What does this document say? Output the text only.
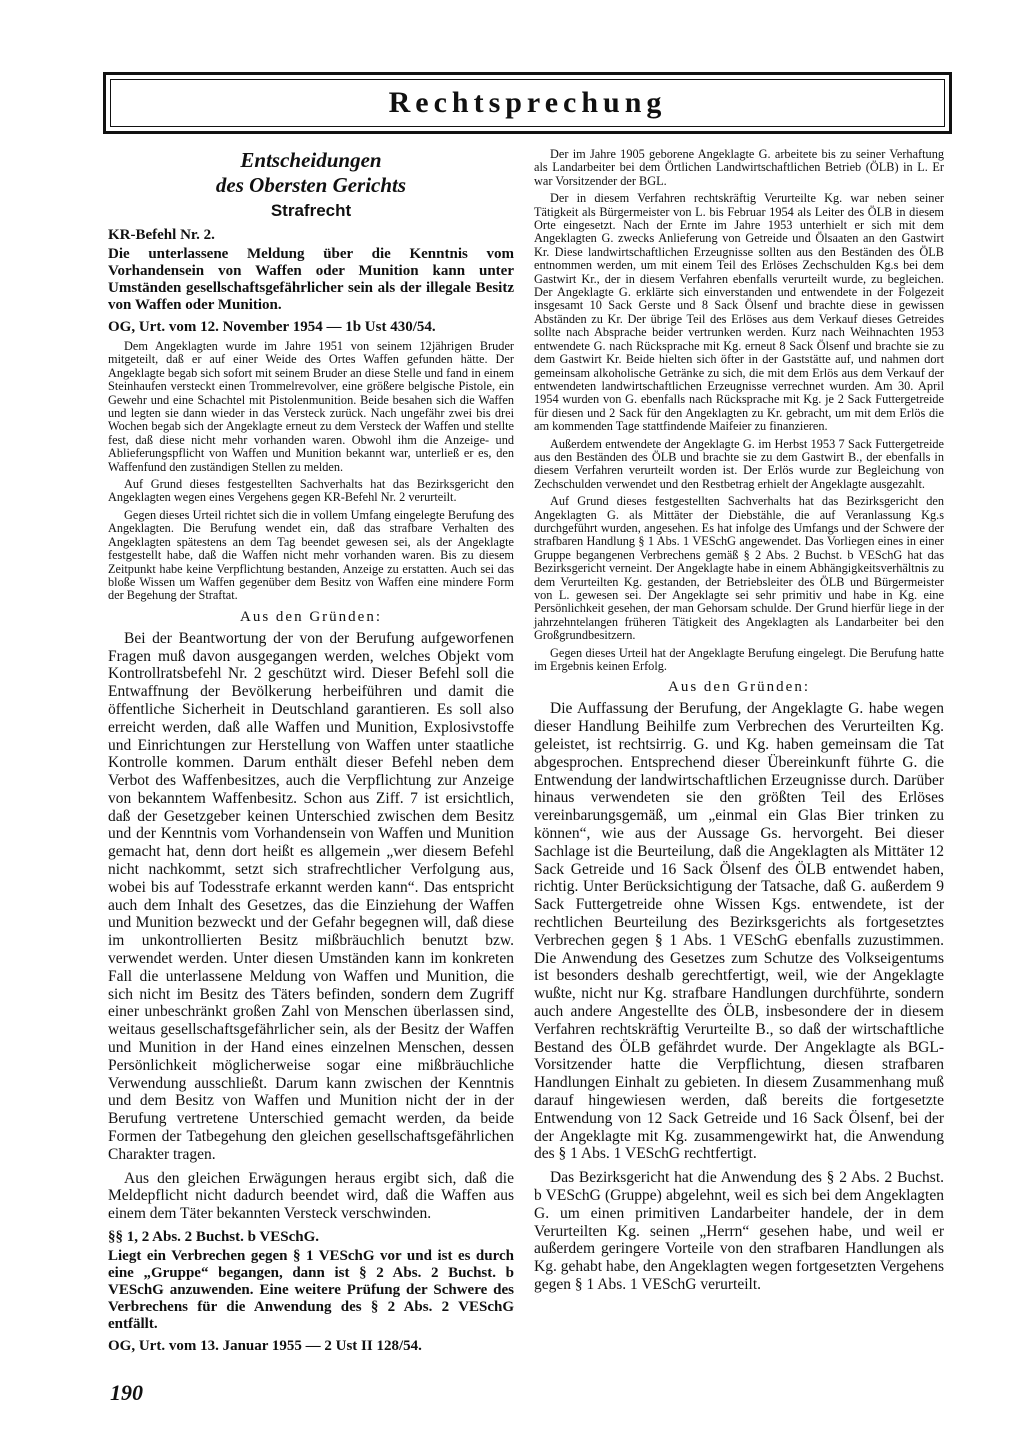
Rechtsprechung

Entscheidungen

des Obersten Gerichts

Strafrecht

KR-Befehl Nr. 2.

Die unterlassene Meldung über die Kenntnis vom Vorhandensein von Waffen oder Munition kann unter Umständen gesellschaftsgefährlicher sein als der illegale Besitz von Waffen oder Munition.

OG, Urt. vom 12. November 1954 — 1b Ust 430/54.

Dem Angeklagten wurde im Jahre 1951 von seinem 12jährigen Bruder mitgeteilt, daß er auf einer Weide des Ortes Waffen gefunden hätte. Der Angeklagte begab sich sofort mit seinem Bruder an diese Stelle und fand in einem Steinhaufen versteckt einen Trommelrevolver, eine größere belgische Pistole, ein Gewehr und eine Schachtel mit Pistolenmunition. Beide besahen sich die Waffen und legten sie dann wieder in das Versteck zurück. Nach ungefähr zwei bis drei Wochen begab sich der Angeklagte erneut zu dem Versteck der Waffen und stellte fest, daß diese nicht mehr vorhanden waren. Obwohl ihm die Anzeige- und Ablieferungspflicht von Waffen und Munition bekannt war, unterließ er es, den Waffenfund den zuständigen Stellen zu melden.

Auf Grund dieses festgestellten Sachverhalts hat das Bezirksgericht den Angeklagten wegen eines Vergehens gegen KR-Befehl Nr. 2 verurteilt.

Gegen dieses Urteil richtet sich die in vollem Umfang eingelegte Berufung des Angeklagten. Die Berufung wendet ein, daß das strafbare Verhalten des Angeklagten spätestens an dem Tag beendet gewesen sei, als der Angeklagte festgestellt habe, daß die Waffen nicht mehr vorhanden waren. Bis zu diesem Zeitpunkt habe keine Verpflichtung bestanden, Anzeige zu erstatten. Auch sei das bloße Wissen um Waffen gegenüber dem Besitz von Waffen eine mindere Form der Begehung der Straftat.

Aus den Gründen:

Bei der Beantwortung der von der Berufung aufgeworfenen Fragen muß davon ausgegangen werden, welches Objekt vom Kontrollratsbefehl Nr. 2 geschützt wird. Dieser Befehl soll die Entwaffnung der Bevölkerung herbeiführen und damit die öffentliche Sicherheit in Deutschland garantieren. Es soll also erreicht werden, daß alle Waffen und Munition, Explosivstoffe und Einrichtungen zur Herstellung von Waffen unter staatliche Kontrolle kommen. Darum enthält dieser Befehl neben dem Verbot des Waffenbesitzes, auch die Verpflichtung zur Anzeige von bekanntem Waffenbesitz. Schon aus Ziff. 7 ist ersichtlich, daß der Gesetzgeber keinen Unterschied zwischen dem Besitz und der Kenntnis vom Vorhandensein von Waffen und Munition gemacht hat, denn dort heißt es allgemein „wer diesem Befehl nicht nachkommt, setzt sich strafrechtlicher Verfolgung aus, wobei bis auf Todesstrafe erkannt werden kann“. Das entspricht auch dem Inhalt des Gesetzes, das die Einziehung der Waffen und Munition bezweckt und der Gefahr begegnen will, daß diese im unkontrollierten Besitz mißbräuchlich benutzt bzw. verwendet werden. Unter diesen Umständen kann im konkreten Fall die unterlassene Meldung von Waffen und Munition, die sich nicht im Besitz des Täters befinden, sondern dem Zugriff einer unbeschränkt großen Zahl von Menschen überlassen sind, weitaus gesellschaftsgefährlicher sein, als der Besitz der Waffen und Munition in der Hand eines einzelnen Menschen, dessen Persönlichkeit möglicherweise sogar eine mißbräuchliche Verwendung ausschließt. Darum kann zwischen der Kenntnis und dem Besitz von Waffen und Munition nicht der in der Berufung vertretene Unterschied gemacht werden, da beide Formen der Tatbegehung den gleichen gesellschaftsgefährlichen Charakter tragen.

Aus den gleichen Erwägungen heraus ergibt sich, daß die Meldepflicht nicht dadurch beendet wird, daß die Waffen aus einem dem Täter bekannten Versteck verschwinden.

§§ 1, 2 Abs. 2 Buchst. b VESchG.

Liegt ein Verbrechen gegen § 1 VESchG vor und ist es durch eine „Gruppe“ begangen, dann ist § 2 Abs. 2 Buchst. b VESchG anzuwenden. Eine weitere Prüfung der Schwere des Verbrechens für die Anwendung des § 2 Abs. 2 VESchG entfällt.

OG, Urt. vom 13. Januar 1955 — 2 Ust II 128/54.

Der im Jahre 1905 geborene Angeklagte G. arbeitete bis zu seiner Verhaftung als Landarbeiter bei dem Örtlichen Landwirtschaftlichen Betrieb (ÖLB) in L. Er war Vorsitzender der BGL.

Der in diesem Verfahren rechtskräftig Verurteilte Kg. war neben seiner Tätigkeit als Bürgermeister von L. bis Februar 1954 als Leiter des ÖLB in diesem Orte eingesetzt. Nach der Ernte im Jahre 1953 unterhielt er sich mit dem Angeklagten G. zwecks Anlieferung von Getreide und Ölsaaten an den Gastwirt Kr. Diese landwirtschaftlichen Erzeugnisse sollten aus den Beständen des ÖLB entnommen werden, um mit einem Teil des Erlöses Zechschulden Kg.s bei dem Gastwirt Kr., der in diesem Verfahren ebenfalls verurteilt wurde, zu begleichen. Der Angeklagte G. erklärte sich einverstanden und entwendete in der Folgezeit insgesamt 10 Sack Gerste und 8 Sack Ölsenf und brachte diese in gewissen Abständen zu Kr. Der übrige Teil des Erlöses aus dem Verkauf dieses Getreides sollte nach Absprache beider vertrunken werden. Kurz nach Weihnachten 1953 entwendete G. nach Rücksprache mit Kg. erneut 8 Sack Ölsenf und brachte sie zu dem Gastwirt Kr. Beide hielten sich öfter in der Gaststätte auf, und nahmen dort gemeinsam alkoholische Getränke zu sich, die mit dem Erlös aus dem Verkauf der entwendeten landwirtschaftlichen Erzeugnisse verrechnet wurden. Am 30. April 1954 wurden von G. ebenfalls nach Rücksprache mit Kg. je 2 Sack Futtergetreide für diesen und 2 Sack für den Angeklagten zu Kr. gebracht, um mit dem Erlös die am kommenden Tage stattfindende Maifeier zu finanzieren.

Außerdem entwendete der Angeklagte G. im Herbst 1953 7 Sack Futtergetreide aus den Beständen des ÖLB und brachte sie zu dem Gastwirt B., der ebenfalls in diesem Verfahren verurteilt worden ist. Der Erlös wurde zur Begleichung von Zechschulden verwendet und den Restbetrag erhielt der Angeklagte ausgezahlt.

Auf Grund dieses festgestellten Sachverhalts hat das Bezirksgericht den Angeklagten G. als Mittäter der Diebstähle, die auf Veranlassung Kg.s durchgeführt wurden, angesehen. Es hat infolge des Umfangs und der Schwere der strafbaren Handlung § 1 Abs. 1 VESchG angewendet. Das Vorliegen eines in einer Gruppe begangenen Verbrechens gemäß § 2 Abs. 2 Buchst. b VESchG hat das Bezirksgericht verneint. Der Angeklagte habe in einem Abhängigkeitsverhältnis zu dem Verurteilten Kg. gestanden, der Betriebsleiter des ÖLB und Bürgermeister von L. gewesen sei. Der Angeklagte sei sehr primitiv und habe in Kg. eine Persönlichkeit gesehen, der man Gehorsam schulde. Der Grund hierfür liege in der jahrzehntelangen früheren Tätigkeit des Angeklagten als Landarbeiter bei den Großgrundbesitzern.

Gegen dieses Urteil hat der Angeklagte Berufung eingelegt. Die Berufung hatte im Ergebnis keinen Erfolg.

Aus den Gründen:

Die Auffassung der Berufung, der Angeklagte G. habe wegen dieser Handlung Beihilfe zum Verbrechen des Verurteilten Kg. geleistet, ist rechtsirrig. G. und Kg. haben gemeinsam die Tat abgesprochen. Entsprechend dieser Übereinkunft führte G. die Entwendung der landwirtschaftlichen Erzeugnisse durch. Darüber hinaus verwendeten sie den größten Teil des Erlöses vereinbarungsgemäß, um „einmal ein Glas Bier trinken zu können“, wie aus der Aussage Gs. hervorgeht. Bei dieser Sachlage ist die Beurteilung, daß die Angeklagten als Mittäter 12 Sack Getreide und 16 Sack Ölsenf des ÖLB entwendet haben, richtig. Unter Berücksichtigung der Tatsache, daß G. außerdem 9 Sack Futtergetreide ohne Wissen Kgs. entwendete, ist der rechtlichen Beurteilung des Bezirksgerichts als fortgesetztes Verbrechen gegen § 1 Abs. 1 VESchG ebenfalls zuzustimmen. Die Anwendung des Gesetzes zum Schutze des Volkseigentums ist besonders deshalb gerechtfertigt, weil, wie der Angeklagte wußte, nicht nur Kg. strafbare Handlungen durchführte, sondern auch andere Angestellte des ÖLB, insbesondere der in diesem Verfahren rechtskräftig Verurteilte B., so daß der wirtschaftliche Bestand des ÖLB gefährdet wurde. Der Angeklagte als BGL-Vorsitzender hatte die Verpflichtung, diesen strafbaren Handlungen Einhalt zu gebieten. In diesem Zusammenhang muß darauf hingewiesen werden, daß bereits die fortgesetzte Entwendung von 12 Sack Getreide und 16 Sack Ölsenf, bei der der Angeklagte mit Kg. zusammengewirkt hat, die Anwendung des § 1 Abs. 1 VESchG rechtfertigt.

Das Bezirksgericht hat die Anwendung des § 2 Abs. 2 Buchst. b VESchG (Gruppe) abgelehnt, weil es sich bei dem Angeklagten G. um einen primitiven Landarbeiter handele, der in dem Verurteilten Kg. seinen „Herrn“ gesehen habe, und weil er außerdem geringere Vorteile von den strafbaren Handlungen als Kg. gehabt habe, den Angeklagten wegen fortgesetzten Vergehens gegen § 1 Abs. 1 VESchG verurteilt.

190
